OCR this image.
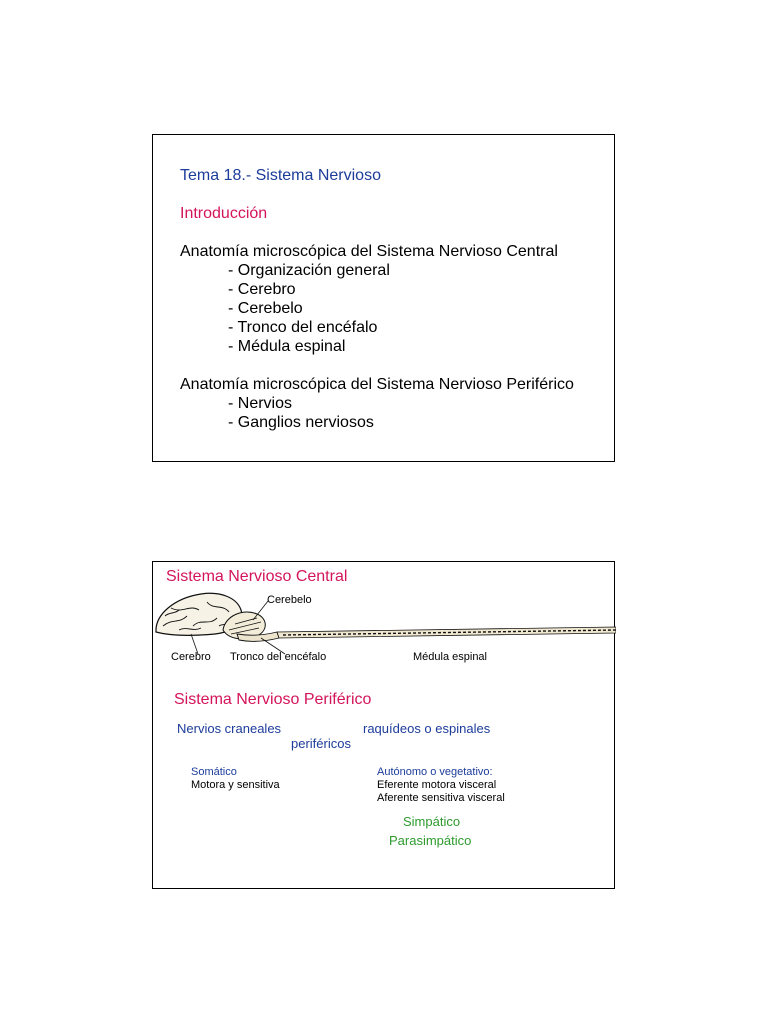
Tema 18.- Sistema Nervioso
Introducción
Anatomía microscópica del Sistema Nervioso Central
- Organización general
- Cerebro
- Cerebelo
- Tronco del encéfalo
- Médula espinal
Anatomía microscópica del Sistema Nervioso Periférico
- Nervios
- Ganglios nerviosos
Sistema Nervioso Central
Cerebelo
Cerebro Tronco del encéfalo	Médula espinal
Sistema Nervioso Periférico
Nervios craneales	raquídeos o espinales
periféricos
Somático
Motora y sensitiva
Autónomo o vegetativo:
Eferente motora visceral
Aferente sensitiva visceral
Simpático
Parasimpático
